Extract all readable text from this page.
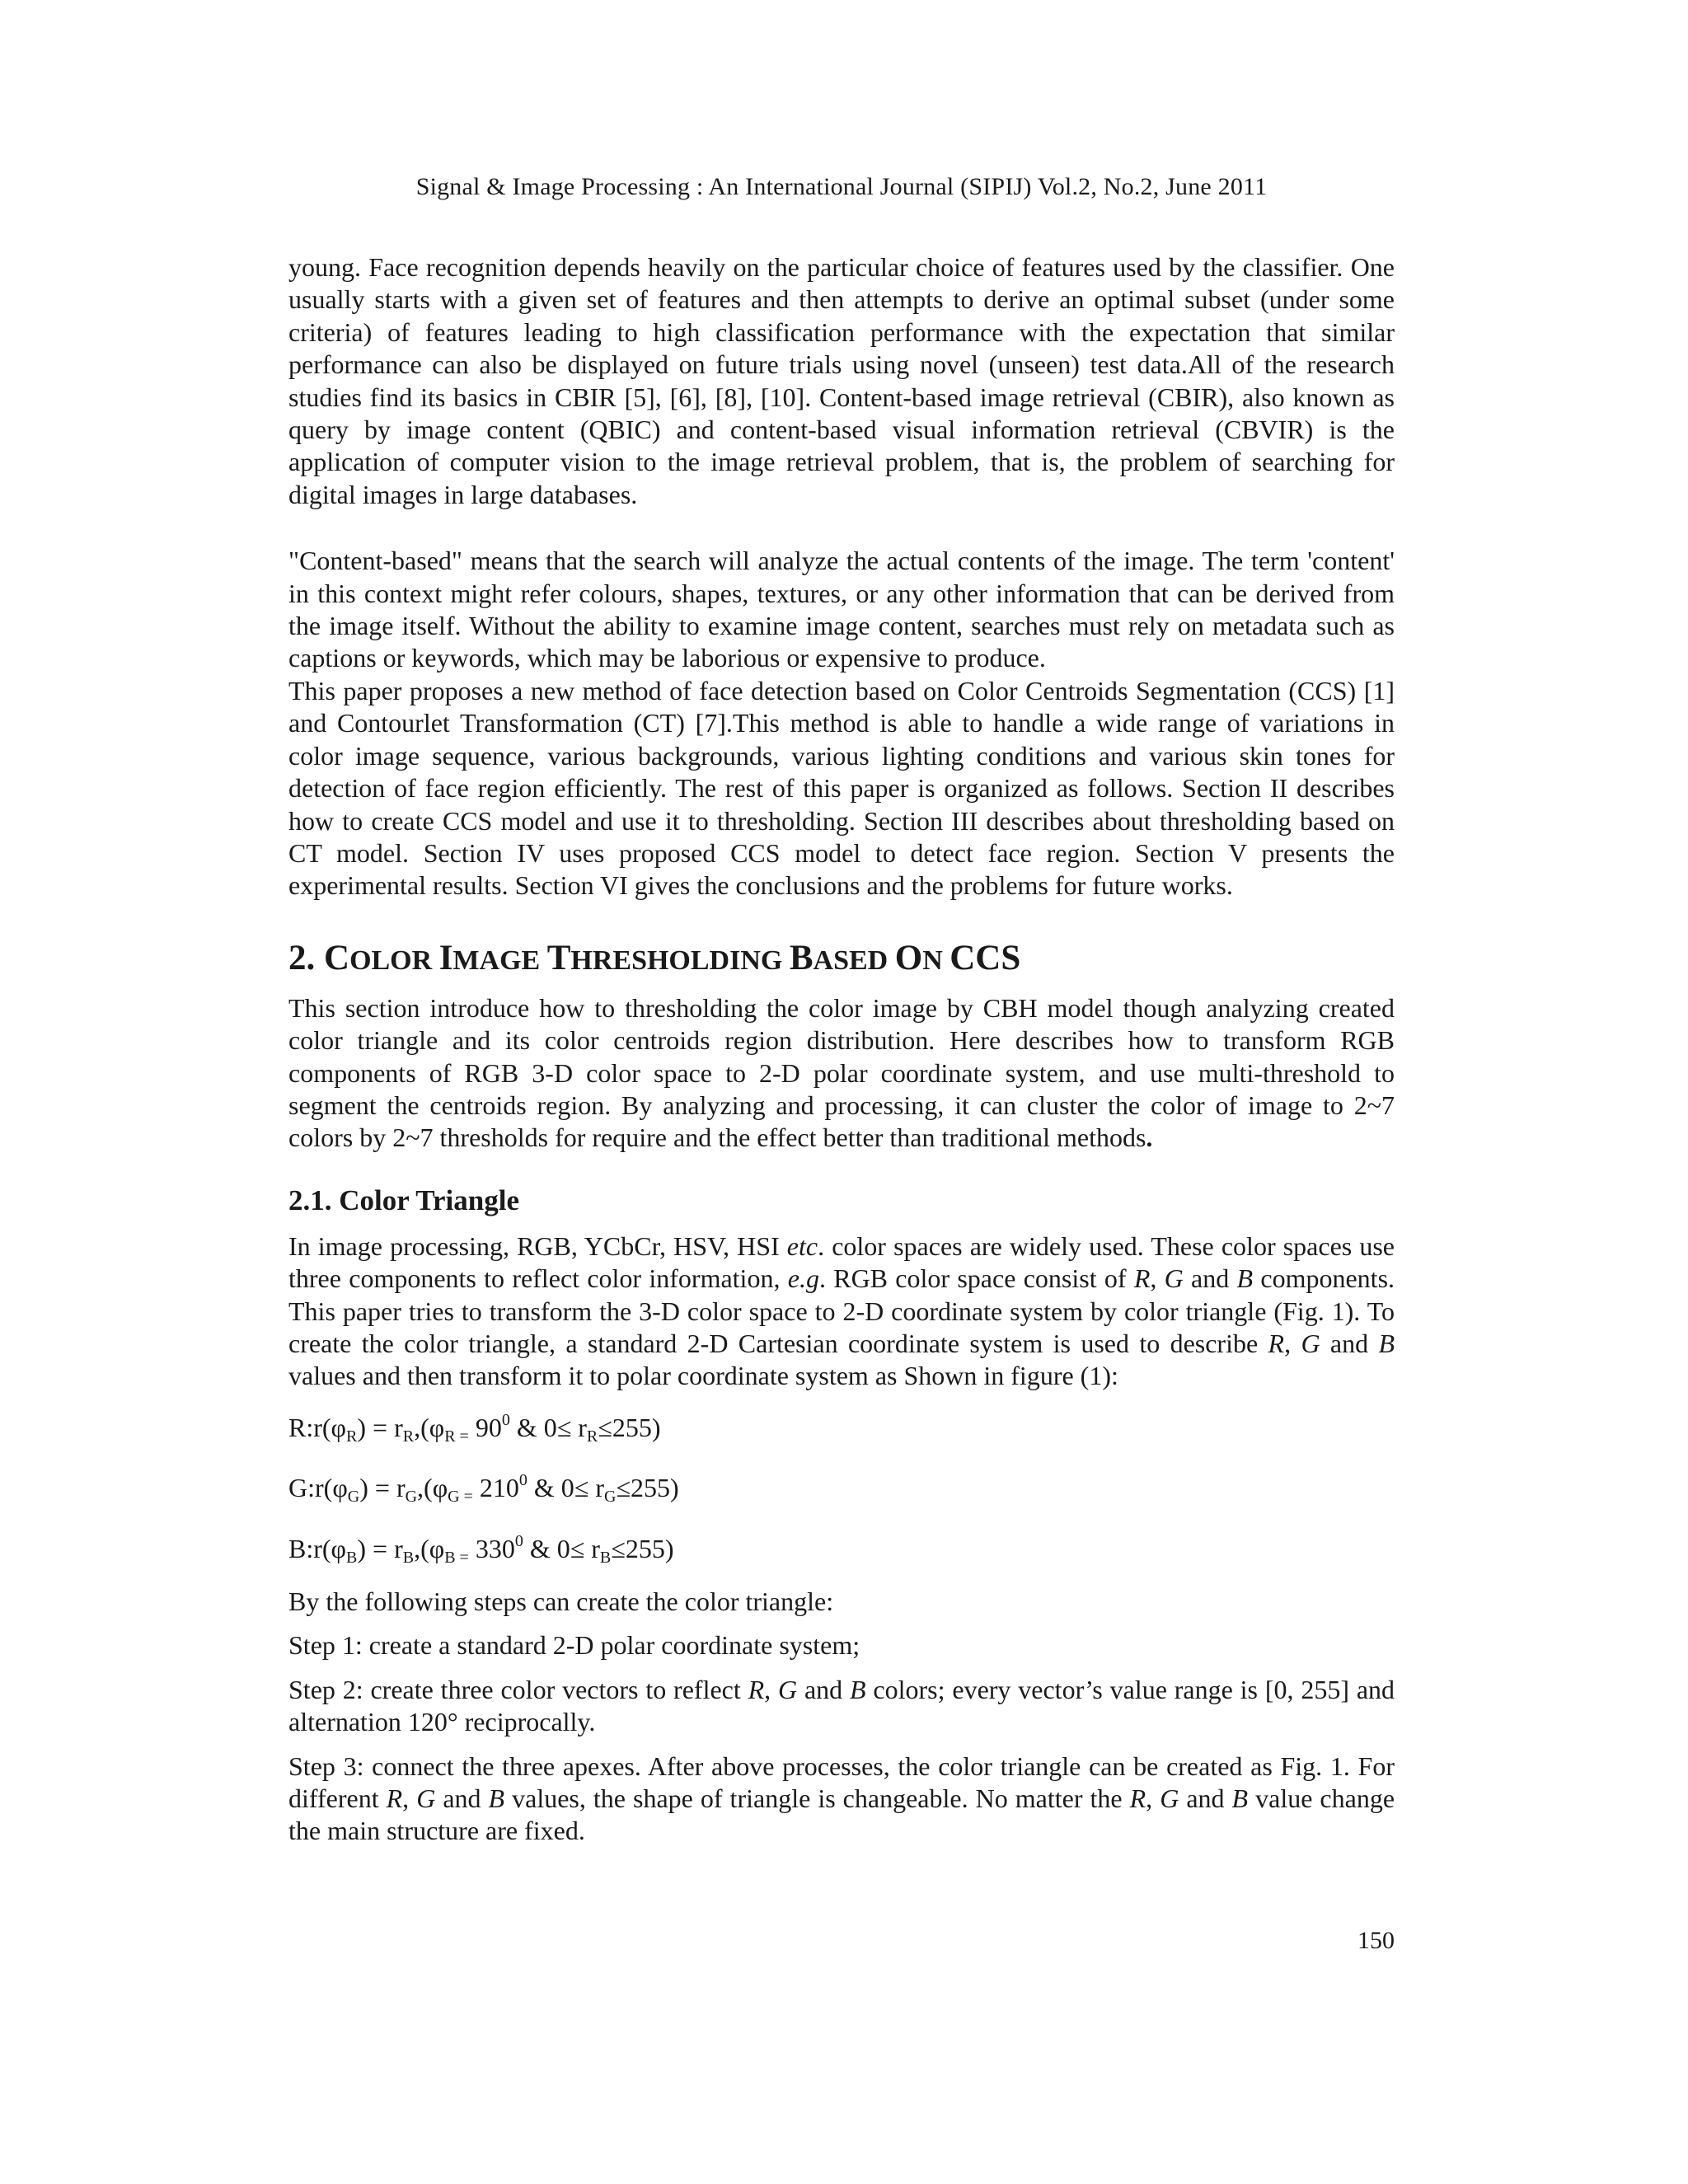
Signal & Image Processing : An International Journal (SIPIJ) Vol.2, No.2, June 2011

young. Face recognition depends heavily on the particular choice of features used by the classifier. One usually starts with a given set of features and then attempts to derive an optimal subset (under some criteria) of features leading to high classification performance with the expectation that similar performance can also be displayed on future trials using novel (unseen) test data.All of the research studies find its basics in CBIR [5], [6], [8], [10]. Content-based image retrieval (CBIR), also known as query by image content (QBIC) and content-based visual information retrieval (CBVIR) is the application of computer vision to the image retrieval problem, that is, the problem of searching for digital images in large databases.

"Content-based" means that the search will analyze the actual contents of the image. The term 'content' in this context might refer colours, shapes, textures, or any other information that can be derived from the image itself. Without the ability to examine image content, searches must rely on metadata such as captions or keywords, which may be laborious or expensive to produce.

This paper proposes a new method of face detection based on Color Centroids Segmentation (CCS) [1] and Contourlet Transformation (CT) [7].This method is able to handle a wide range of variations in color image sequence, various backgrounds, various lighting conditions and various skin tones for detection of face region efficiently. The rest of this paper is organized as follows. Section II describes how to create CCS model and use it to thresholding. Section III describes about thresholding based on CT model. Section IV uses proposed CCS model to detect face region. Section V presents the experimental results. Section VI gives the conclusions and the problems for future works.

2. COLOR IMAGE THRESHOLDING BASED ON CCS

This section introduce how to thresholding the color image by CBH model though analyzing created color triangle and its color centroids region distribution. Here describes how to transform RGB components of RGB 3-D color space to 2-D polar coordinate system, and use multi-threshold to segment the centroids region. By analyzing and processing, it can cluster the color of image to 2~7 colors by 2~7 thresholds for require and the effect better than traditional methods.

2.1. Color Triangle

In image processing, RGB, YCbCr, HSV, HSI etc. color spaces are widely used. These color spaces use three components to reflect color information, e.g. RGB color space consist of R, G and B components. This paper tries to transform the 3-D color space to 2-D coordinate system by color triangle (Fig. 1). To create the color triangle, a standard 2-D Cartesian coordinate system is used to describe R, G and B values and then transform it to polar coordinate system as Shown in figure (1):

$R:r(\varphi_R) = r_R,(\varphi_{R =}$ $90^0$ & $0\le r_R\le 255$)

$G:r(\varphi_G) = r_G,(\varphi_{G =}$ $210^0$ & $0\le r_G\le 255$)

$B:r(\varphi_B) = r_B,(\varphi_{B =}$ $330^0$ & $0\le r_B\le 255$)

By the following steps can create the color triangle:

Step 1: create a standard 2-D polar coordinate system;

Step 2: create three color vectors to reflect R, G and B colors; every vector’s value range is [0, 255] and alternation 120° reciprocally.

Step 3: connect the three apexes. After above processes, the color triangle can be created as Fig. 1. For different R, G and B values, the shape of triangle is changeable. No matter the R, G and B value change the main structure are fixed.

150
